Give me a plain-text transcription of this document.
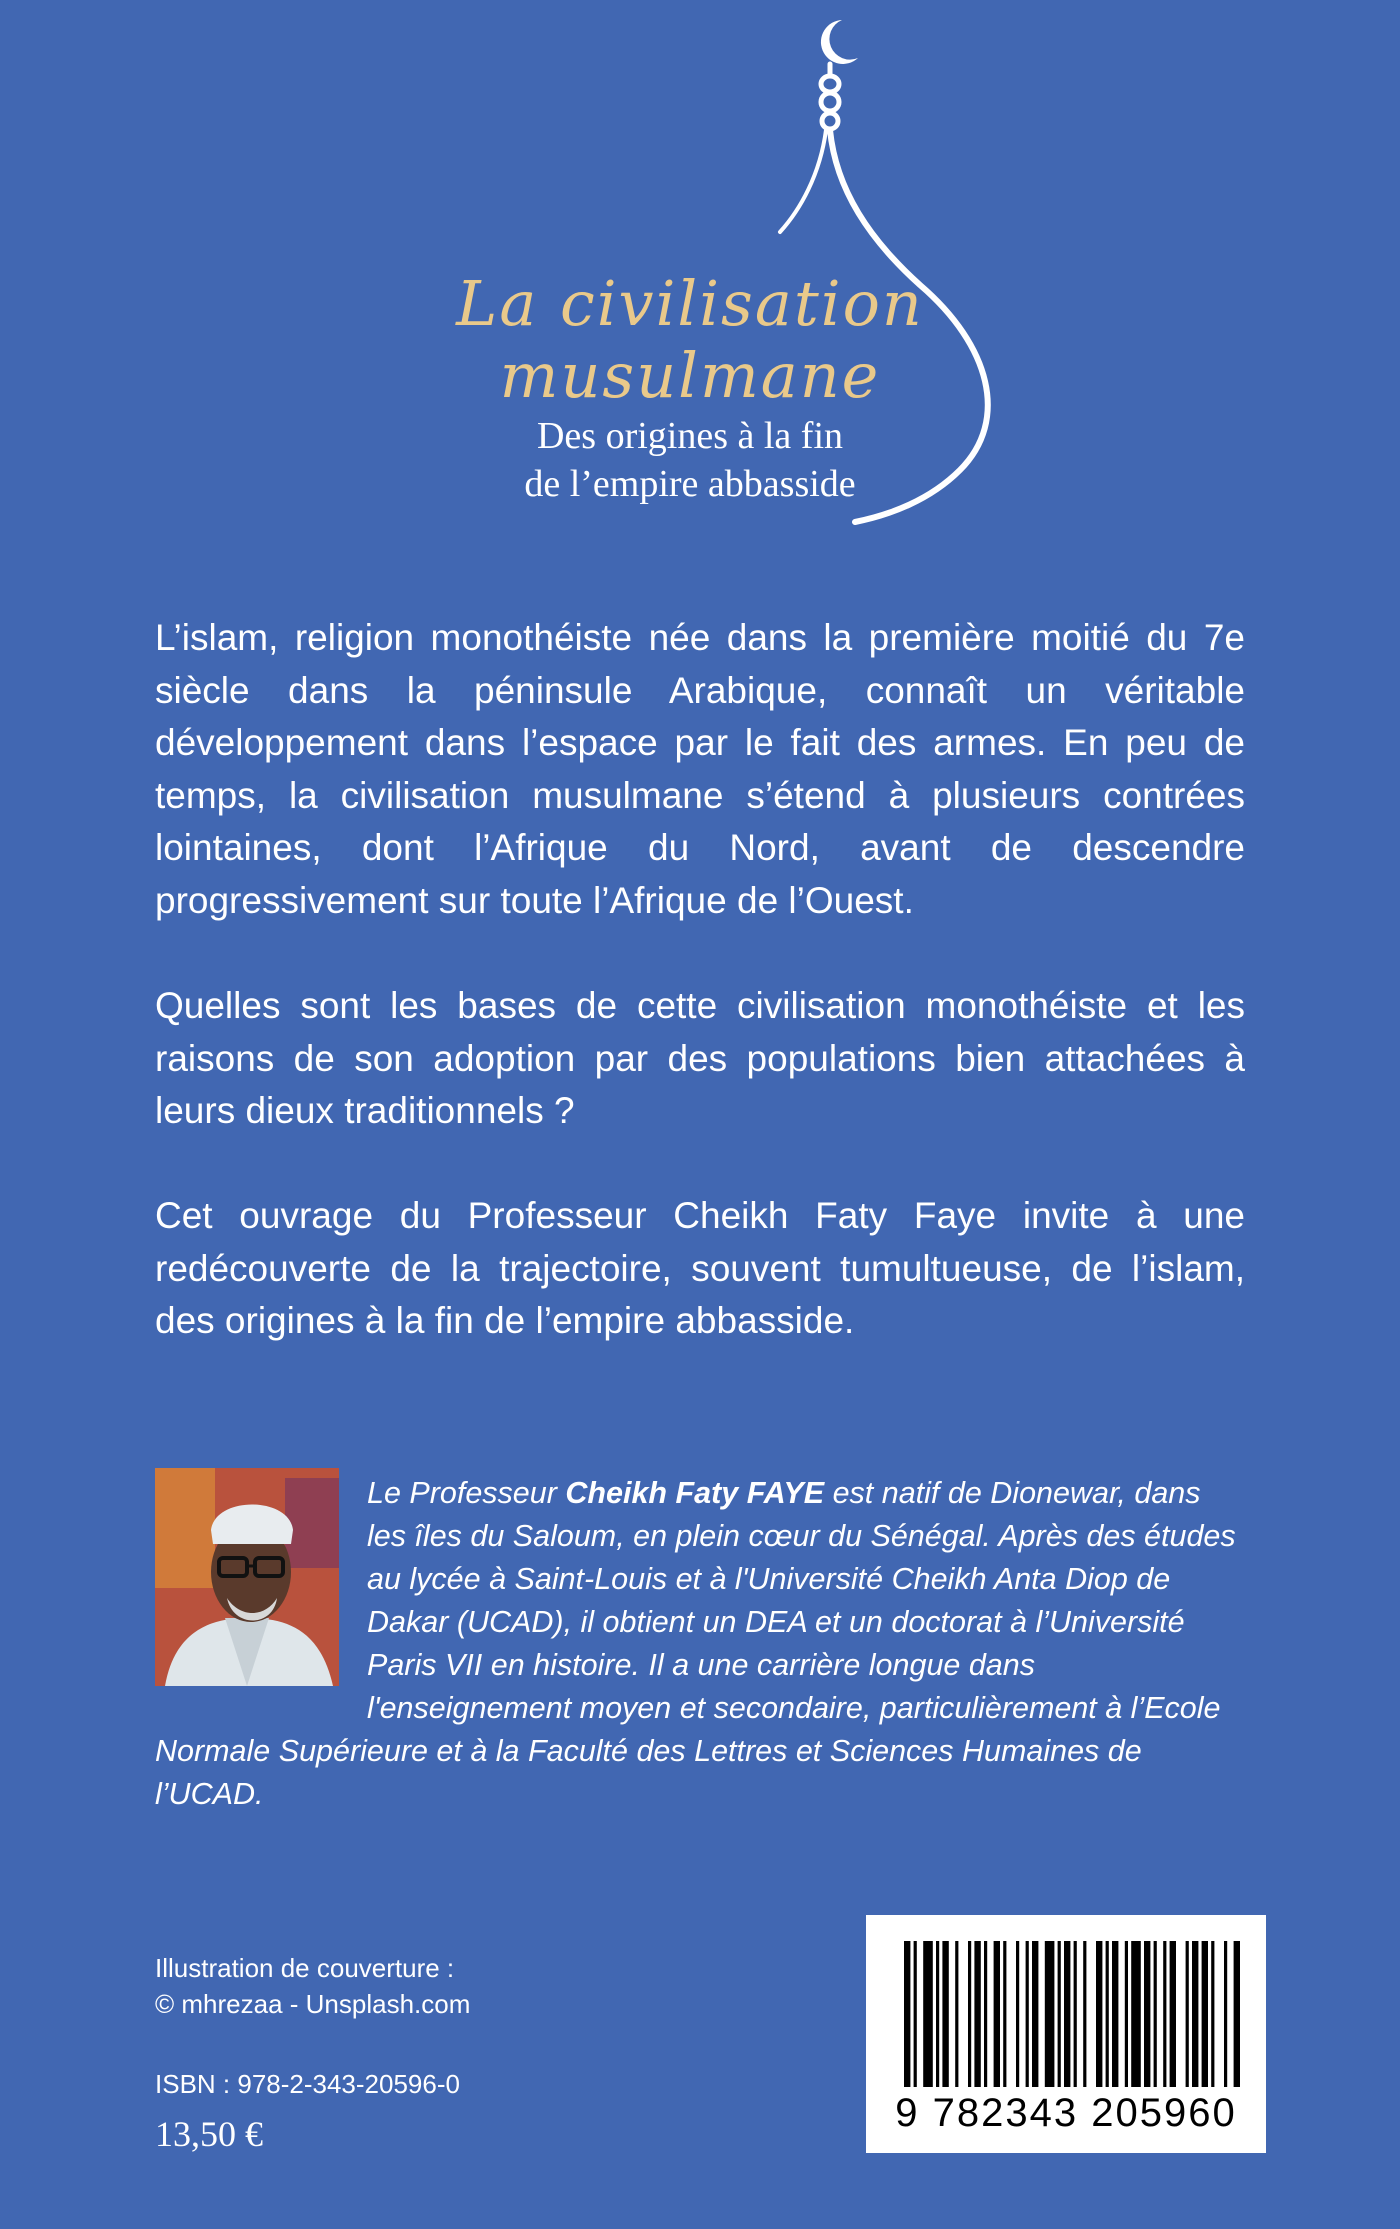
La civilisation
musulmane
Des origines à la fin
de l’empire abbasside

L’islam, religion monothéiste née dans la première moitié du 7e siècle dans la péninsule Arabique, connaît un véritable développement dans l’espace par le fait des armes. En peu de temps, la civilisation musulmane s’étend à plusieurs contrées lointaines, dont l’Afrique du Nord, avant de descendre progressivement sur toute l’Afrique de l’Ouest.

Quelles sont les bases de cette civilisation monothéiste et les raisons de son adoption par des populations bien attachées à leurs dieux traditionnels ?

Cet ouvrage du Professeur Cheikh Faty Faye invite à une redécouverte de la trajectoire, souvent tumultueuse, de l’islam, des origines à la fin de l’empire abbasside.

Le Professeur Cheikh Faty FAYE est natif de Dionewar, dans les îles du Saloum, en plein cœur du Sénégal. Après des études au lycée à Saint-Louis et à l'Université Cheikh Anta Diop de Dakar (UCAD), il obtient un DEA et un doctorat à l’Université Paris VII en histoire. Il a une carrière longue dans l'enseignement moyen et secondaire, particulièrement à l’Ecole Normale Supérieure et à la Faculté des Lettres et Sciences Humaines de l’UCAD.

Illustration de couverture :
© mhrezaa - Unsplash.com
ISBN : 978-2-343-20596-0
13,50 €	9 782343 205960
